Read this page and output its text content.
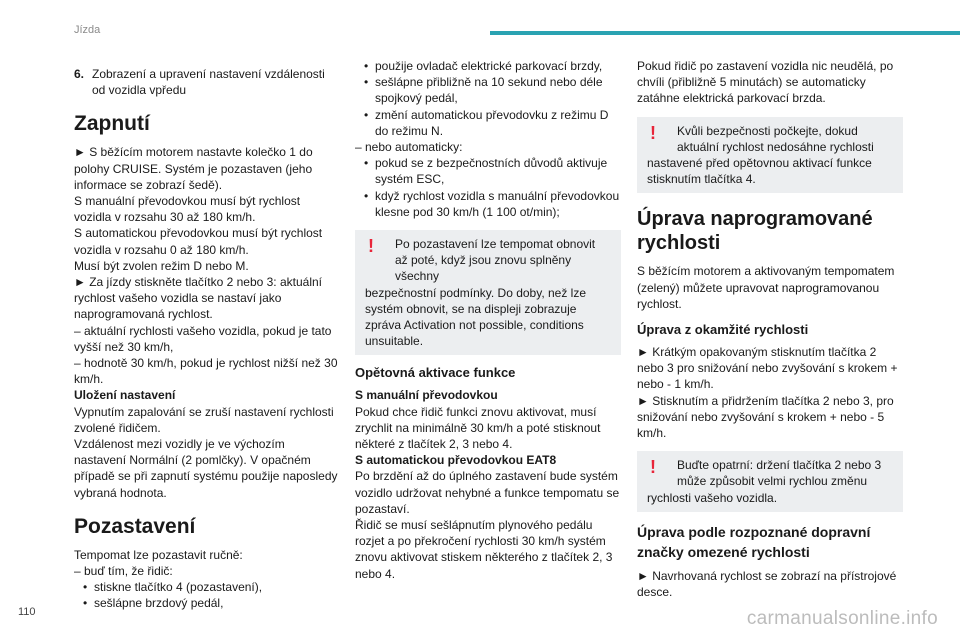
Jízda
6. Zobrazení a upravení nastavení vzdálenosti od vozidla vpředu
Zapnutí

► S běžícím motorem nastavte kolečko 1 do polohy CRUISE. Systém je pozastaven (jeho informace se zobrazí šedě).

S manuální převodovkou musí být rychlost vozidla v rozsahu 30 až 180 km/h.

S automatickou převodovkou musí být rychlost vozidla v rozsahu 0 až 180 km/h.

Musí být zvolen režim D nebo M.

► Za jízdy stiskněte tlačítko 2 nebo 3: aktuální rychlost vašeho vozidla se nastaví jako naprogramovaná rychlost.

– aktuální rychlosti vašeho vozidla, pokud je tato vyšší než 30 km/h,

– hodnotě 30 km/h, pokud je rychlost nižší než 30 km/h.

Uložení nastavení

Vypnutím zapalování se zruší nastavení rychlosti zvolené řidičem.

Vzdálenost mezi vozidly je ve výchozím nastavení Normální (2 pomlčky). V opačném případě se při zapnutí systému použije naposledy vybraná hodnota.

Pozastavení

Tempomat lze pozastavit ručně:

– buď tím, že řidič:

• stiskne tlačítko 4 (pozastavení),

• sešlápne brzdový pedál,

• použije ovladač elektrické parkovací brzdy,

• sešlápne přibližně na 10 sekund nebo déle spojkový pedál,

• změní automatickou převodovku z režimu D do režimu N.

– nebo automaticky:

• pokud se z bezpečnostních důvodů aktivuje systém ESC,

• když rychlost vozidla s manuální převodovkou klesne pod 30 km/h (1 100 ot/min);

!	Po pozastavení lze tempomat obnovit až poté, když jsou znovu splněny všechny

bezpečnostní podmínky. Do doby, než lze systém obnovit, se na displeji zobrazuje zpráva Activation not possible, conditions unsuitable.

Opětovná aktivace funkce

S manuální převodovkou

Pokud chce řidič funkci znovu aktivovat, musí zrychlit na minimálně 30 km/h a poté stisknout některé z tlačítek 2, 3 nebo 4.

S automatickou převodovkou EAT8

Po brzdění až do úplného zastavení bude systém vozidlo udržovat nehybné a funkce tempomatu se pozastaví.

Řidič se musí sešlápnutím plynového pedálu rozjet a po překročení rychlosti 30 km/h systém znovu aktivovat stiskem některého z tlačítek 2, 3 nebo 4.

Pokud řidič po zastavení vozidla nic neudělá, po chvíli (přibližně 5 minutách) se automaticky zatáhne elektrická parkovací brzda.

!	Kvůli bezpečnosti počkejte, dokud aktuální rychlost nedosáhne rychlosti

nastavené před opětovnou aktivací funkce stisknutím tlačítka 4.

Úprava naprogramované rychlosti

S běžícím motorem a aktivovaným tempomatem (zelený) můžete upravovat naprogramovanou rychlost.

Úprava z okamžité rychlosti

► Krátkým opakovaným stisknutím tlačítka 2 nebo 3 pro snižování nebo zvyšování s krokem + nebo - 1 km/h.

► Stisknutím a přidržením tlačítka 2 nebo 3, pro snižování nebo zvyšování s krokem + nebo - 5 km/h.

!	Buďte opatrní: držení tlačítka 2 nebo 3 může způsobit velmi rychlou změnu

rychlosti vašeho vozidla.

Úprava podle rozpoznané dopravní značky omezené rychlosti

► Navrhovaná rychlost se zobrazí na přístrojové desce.

110	carmanualsonline.info
